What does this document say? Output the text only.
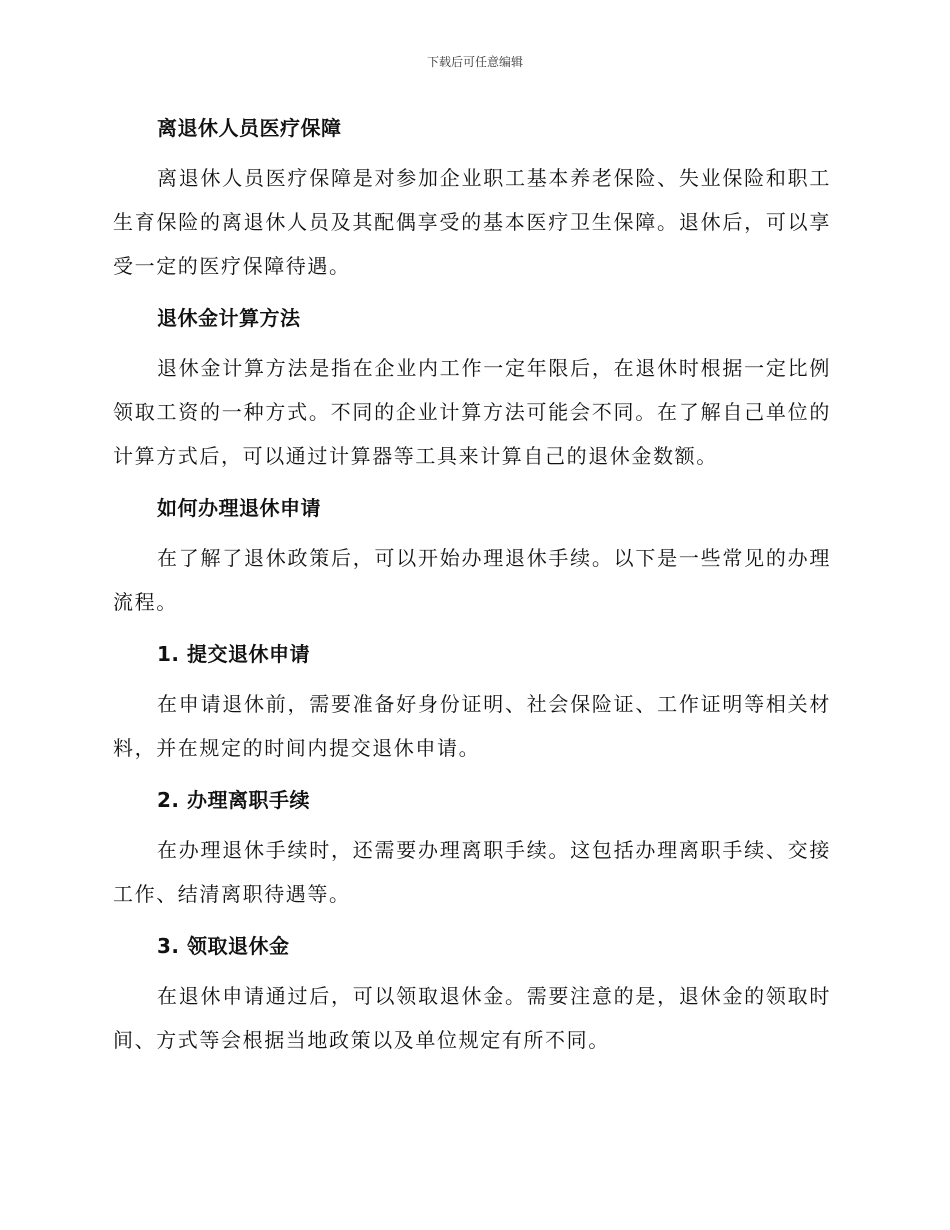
下载后可任意编辑
离退休人员医疗保障

离退休人员医疗保障是对参加企业职工基本养老保险、失业保险和职工生育保险的离退休人员及其配偶享受的基本医疗卫生保障。退休后，可以享受一定的医疗保障待遇。

退休金计算方法

退休金计算方法是指在企业内工作一定年限后，在退休时根据一定比例领取工资的一种方式。不同的企业计算方法可能会不同。在了解自己单位的计算方式后，可以通过计算器等工具来计算自己的退休金数额。

如何办理退休申请

在了解了退休政策后，可以开始办理退休手续。以下是一些常见的办理流程。

1. 提交退休申请

在申请退休前，需要准备好身份证明、社会保险证、工作证明等相关材料，并在规定的时间内提交退休申请。

2. 办理离职手续

在办理退休手续时，还需要办理离职手续。这包括办理离职手续、交接工作、结清离职待遇等。

3. 领取退休金

在退休申请通过后，可以领取退休金。需要注意的是，退休金的领取时间、方式等会根据当地政策以及单位规定有所不同。
